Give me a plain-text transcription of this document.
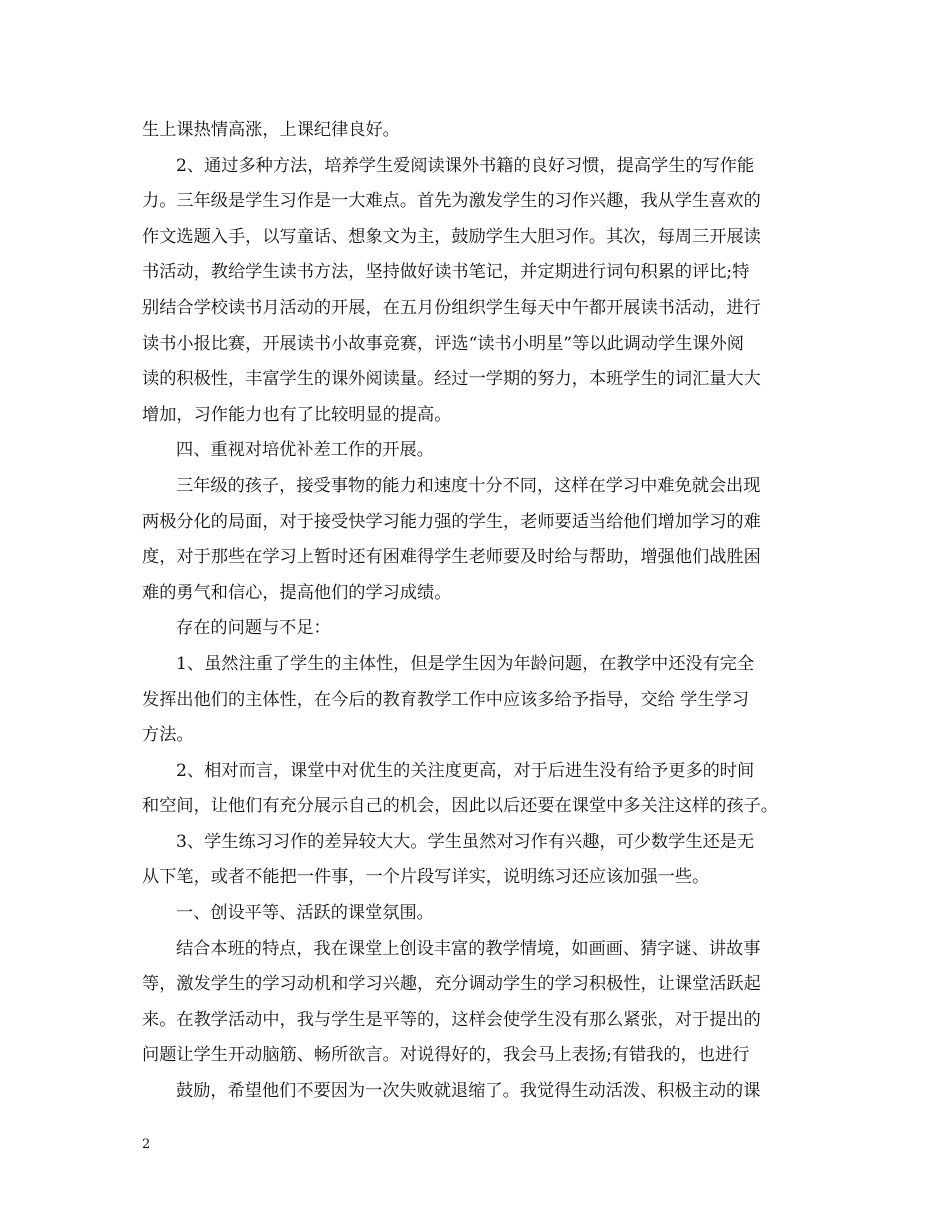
生上课热情高涨，上课纪律良好。
2、通过多种方法，培养学生爱阅读课外书籍的良好习惯，提高学生的写作能
力。三年级是学生习作是一大难点。首先为激发学生的习作兴趣，我从学生喜欢的
作文选题入手，以写童话、想象文为主，鼓励学生大胆习作。其次，每周三开展读
书活动，教给学生读书方法，坚持做好读书笔记，并定期进行词句积累的评比;特
别结合学校读书月活动的开展，在五月份组织学生每天中午都开展读书活动，进行
读书小报比赛，开展读书小故事竞赛，评选“读书小明星”等以此调动学生课外阅
读的积极性，丰富学生的课外阅读量。经过一学期的努力，本班学生的词汇量大大
增加，习作能力也有了比较明显的提高。
四、重视对培优补差工作的开展。
三年级的孩子，接受事物的能力和速度十分不同，这样在学习中难免就会出现
两极分化的局面，对于接受快学习能力强的学生，老师要适当给他们增加学习的难
度，对于那些在学习上暂时还有困难得学生老师要及时给与帮助，增强他们战胜困
难的勇气和信心，提高他们的学习成绩。
存在的问题与不足：
1、虽然注重了学生的主体性，但是学生因为年龄问题，在教学中还没有完全
发挥出他们的主体性，在今后的教育教学工作中应该多给予指导，交给 学生学习
方法。
2、相对而言，课堂中对优生的关注度更高，对于后进生没有给予更多的时间
和空间，让他们有充分展示自己的机会，因此以后还要在课堂中多关注这样的孩子。
3、学生练习习作的差异较大大。学生虽然对习作有兴趣，可少数学生还是无
从下笔，或者不能把一件事，一个片段写详实，说明练习还应该加强一些。
一、创设平等、活跃的课堂氛围。
结合本班的特点，我在课堂上创设丰富的教学情境，如画画、猜字谜、讲故事
等，激发学生的学习动机和学习兴趣，充分调动学生的学习积极性，让课堂活跃起
来。在教学活动中，我与学生是平等的，这样会使学生没有那么紧张，对于提出的
问题让学生开动脑筋、畅所欲言。对说得好的，我会马上表扬;有错我的，也进行
鼓励，希望他们不要因为一次失败就退缩了。我觉得生动活泼、积极主动的课
2
